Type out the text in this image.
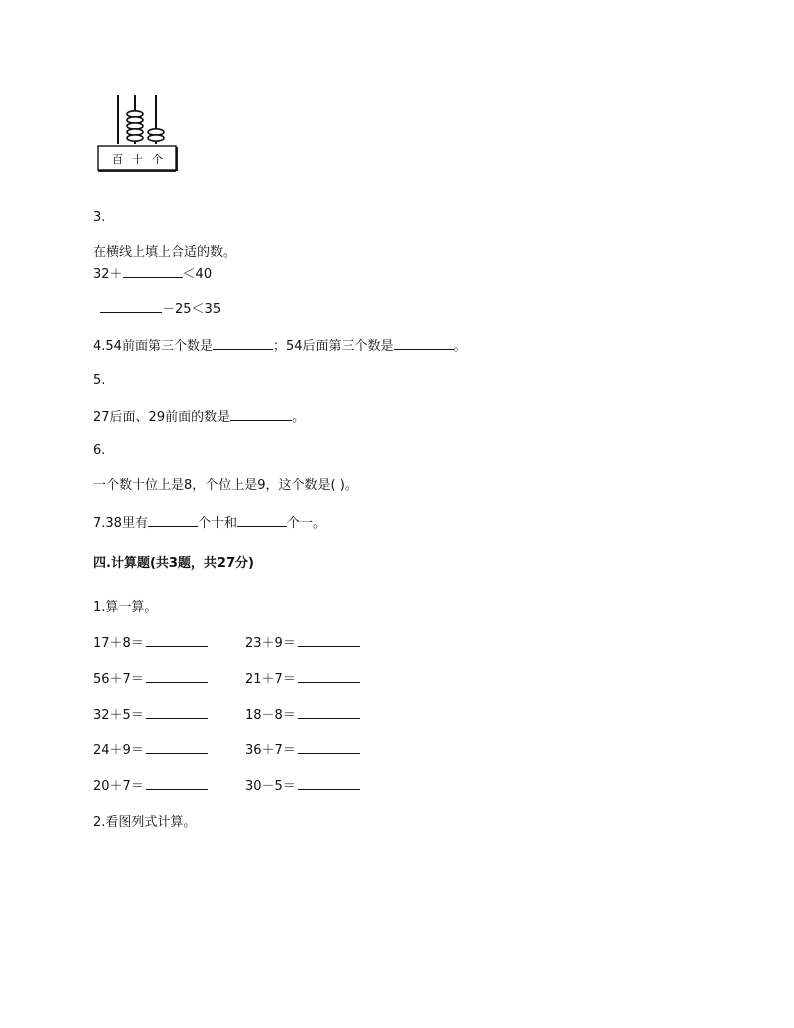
百 十 个
3.
在横线上填上合适的数。
32＋	＜40
－25＜35
4.54前面第三个数是	；54后面第三个数是	。
5.
27后面、29前面的数是	。
6.
一个数十位上是8，个位上是9，这个数是( )。
7.38里有	个十和	个一。
四.计算题(共3题，共27分)
1.算一算。
17＋8＝	23＋9＝
56＋7＝	21＋7＝
32＋5＝	18－8＝
24＋9＝	36＋7＝
20＋7＝	30－5＝
2.看图列式计算。
